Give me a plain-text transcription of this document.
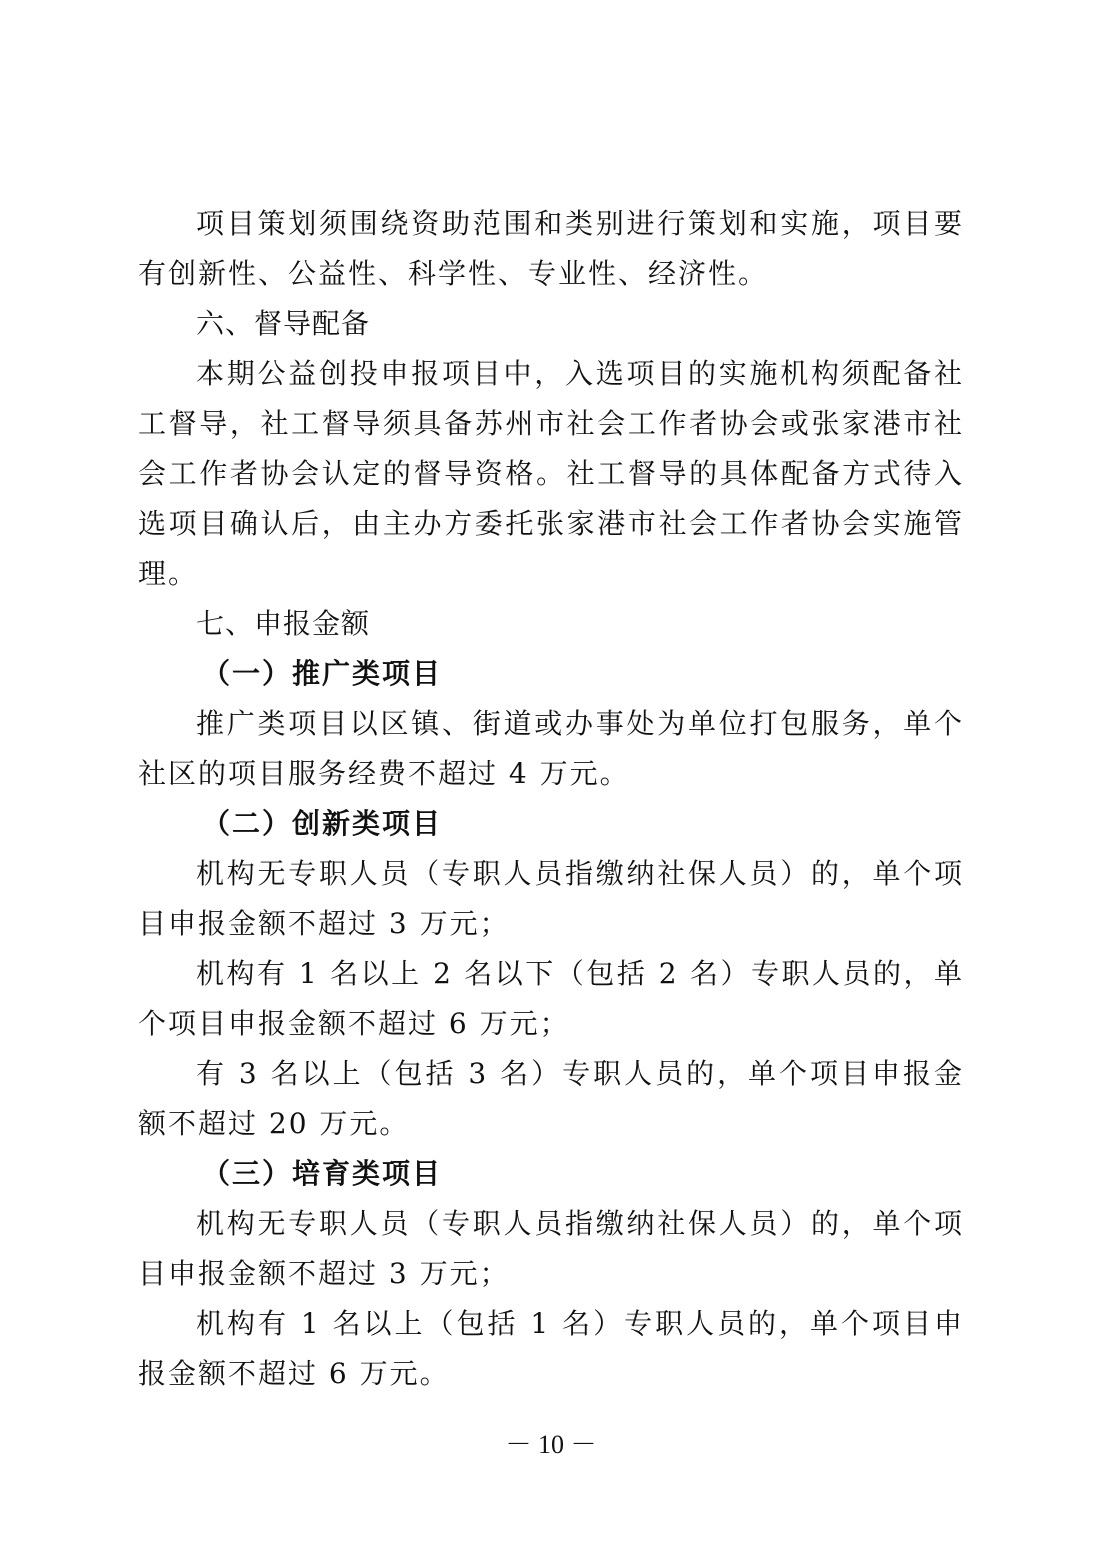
项目策划须围绕资助范围和类别进行策划和实施，项目要有创新性、公益性、科学性、专业性、经济性。

六、督导配备

本期公益创投申报项目中，入选项目的实施机构须配备社工督导，社工督导须具备苏州市社会工作者协会或张家港市社会工作者协会认定的督导资格。社工督导的具体配备方式待入选项目确认后，由主办方委托张家港市社会工作者协会实施管理。

七、申报金额

（一）推广类项目

推广类项目以区镇、街道或办事处为单位打包服务，单个社区的项目服务经费不超过 4 万元。

（二）创新类项目

机构无专职人员（专职人员指缴纳社保人员）的，单个项目申报金额不超过 3 万元；

机构有 1 名以上 2 名以下（包括 2 名）专职人员的，单个项目申报金额不超过 6 万元；

有 3 名以上（包括 3 名）专职人员的，单个项目申报金额不超过 20 万元。

（三）培育类项目

机构无专职人员（专职人员指缴纳社保人员）的，单个项目申报金额不超过 3 万元；

机构有 1 名以上（包括 1 名）专职人员的，单个项目申报金额不超过 6 万元。

－ 10 －
